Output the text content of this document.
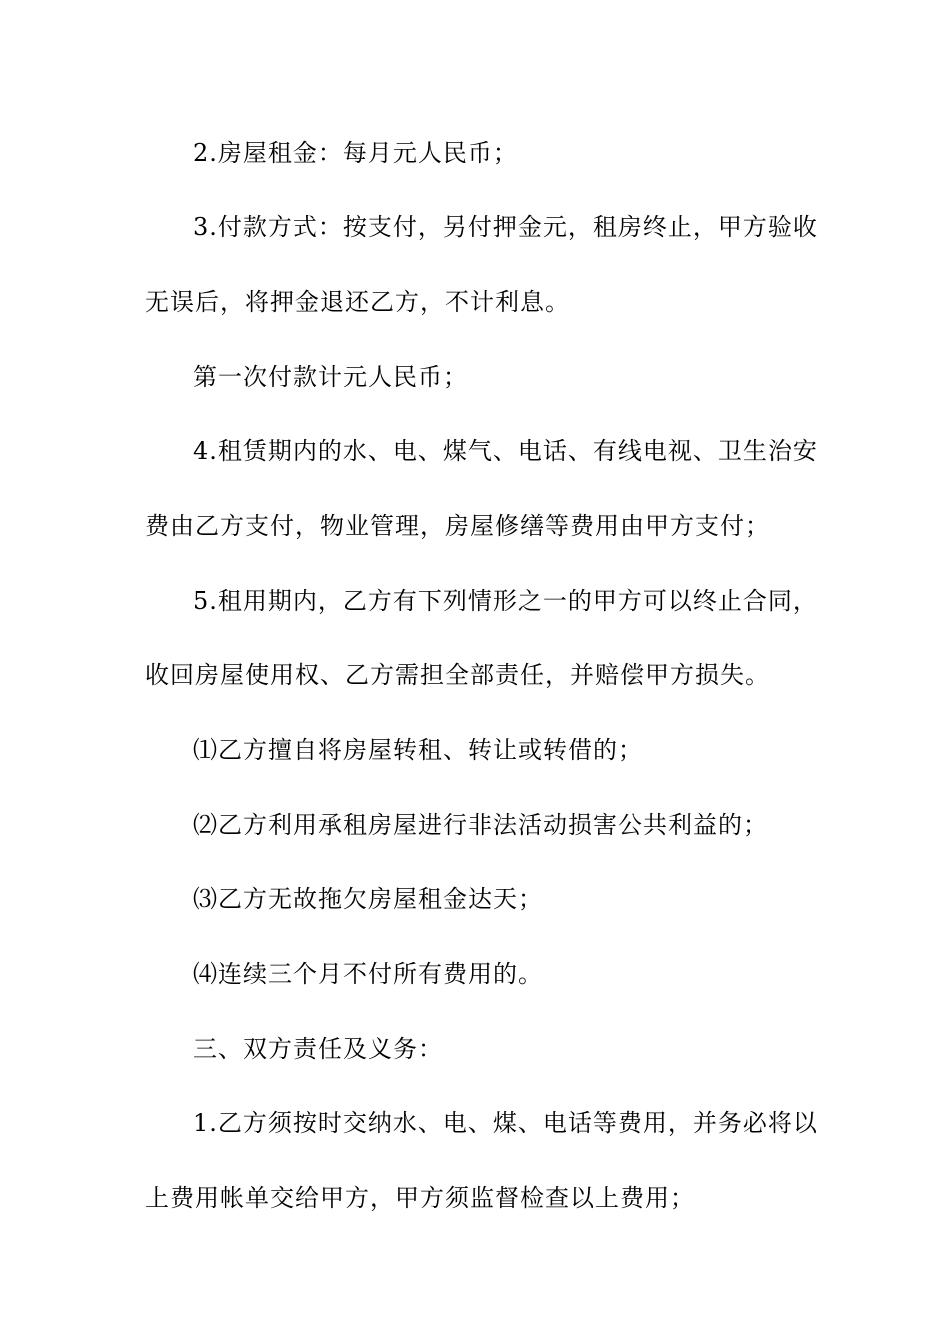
2.房屋租金：每月元人民币；
3.付款方式：按支付，另付押金元，租房终止，甲方验收
无误后，将押金退还乙方，不计利息。
第一次付款计元人民币；
4.租赁期内的水、电、煤气、电话、有线电视、卫生治安
费由乙方支付，物业管理，房屋修缮等费用由甲方支付；
5.租用期内，乙方有下列情形之一的甲方可以终止合同，
收回房屋使用权、乙方需担全部责任，并赔偿甲方损失。
⑴乙方擅自将房屋转租、转让或转借的；
⑵乙方利用承租房屋进行非法活动损害公共利益的；
⑶乙方无故拖欠房屋租金达天；
⑷连续三个月不付所有费用的。
三、双方责任及义务：
1.乙方须按时交纳水、电、煤、电话等费用，并务必将以
上费用帐单交给甲方，甲方须监督检查以上费用；
